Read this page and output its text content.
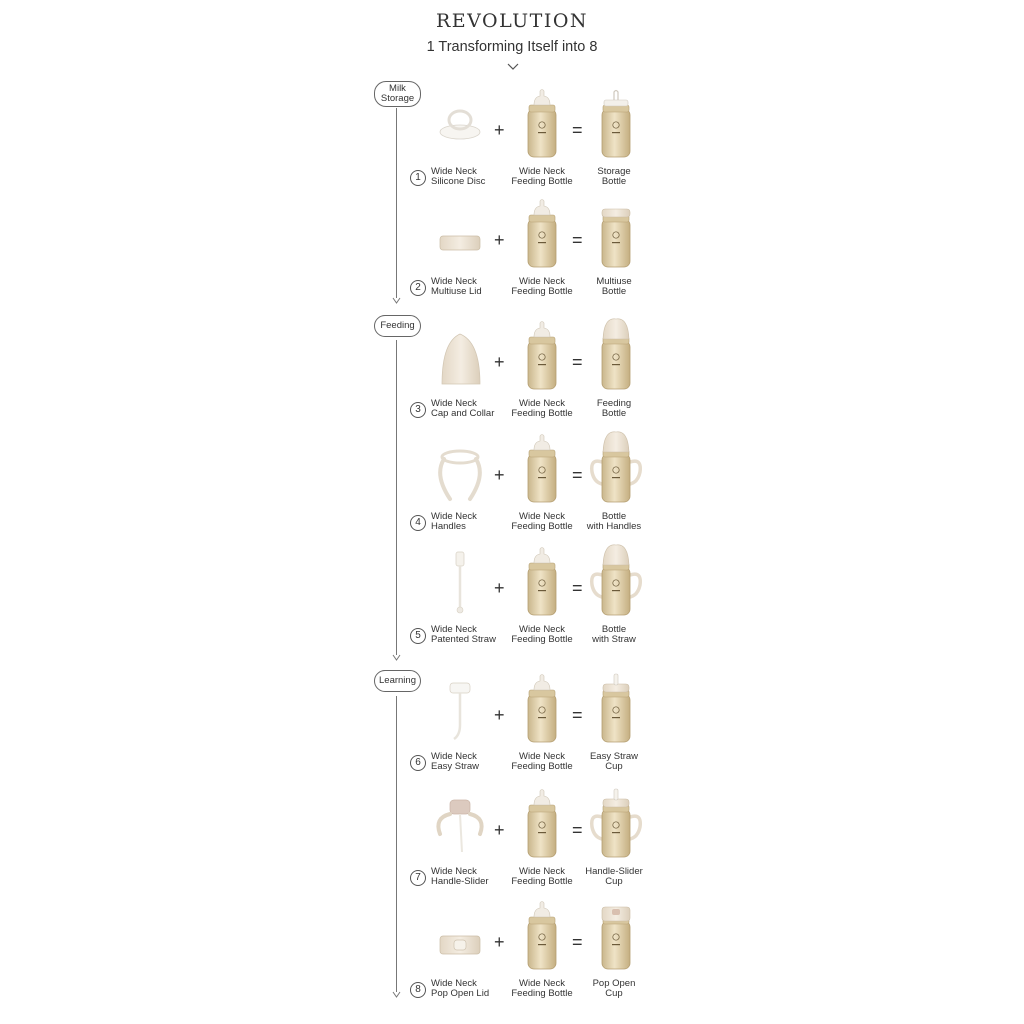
REVOLUTION
1 Transforming Itself into 8
Milk
Storage
Feeding
Learning
+	=
1
Wide Neck
Silicone Disc
Wide Neck
Feeding Bottle
Storage
Bottle
+	=
2
Wide Neck
Multiuse Lid
Wide Neck
Feeding Bottle
Multiuse
Bottle
+	=
3
Wide Neck
Cap and Collar
Wide Neck
Feeding Bottle
Feeding
Bottle
+	=
4
Wide Neck
Handles
Wide Neck
Feeding Bottle
Bottle
with Handles
+	=
5
Wide Neck
Patented Straw
Wide Neck
Feeding Bottle
Bottle
with Straw
+	=
6
Wide Neck
Easy Straw
Wide Neck
Feeding Bottle
Easy Straw
Cup
+	=
7
Wide Neck
Handle-Slider
Wide Neck
Feeding Bottle
Handle-Slider
Cup
+	=
8
Wide Neck
Pop Open Lid
Wide Neck
Feeding Bottle
Pop Open
Cup
